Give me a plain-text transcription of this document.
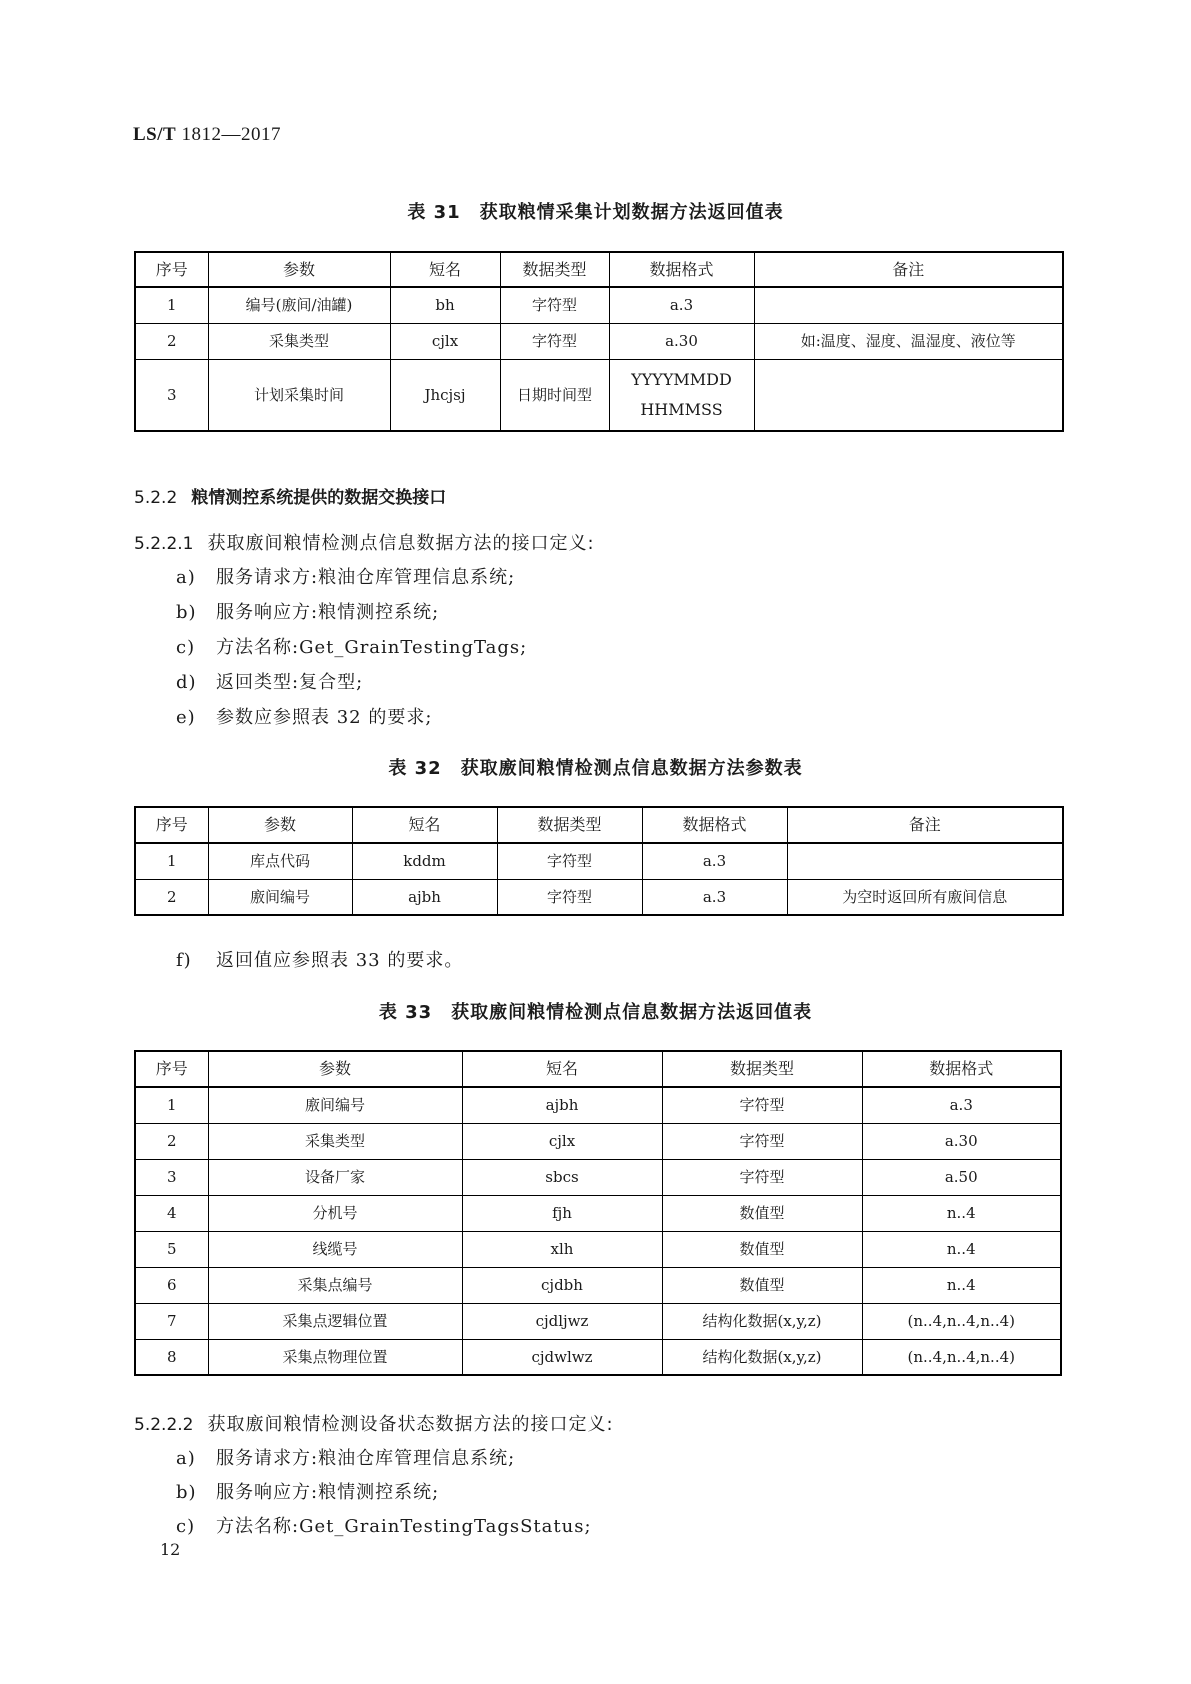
LS/T 1812—2017
表 31　获取粮情采集计划数据方法返回值表
序号	参数	短名	数据类型	数据格式	备注
1	编号(廒间/油罐)	bh	字符型	a.3	
2	采集类型	cjlx	字符型	a.30	如:温度、湿度、温湿度、液位等
3	计划采集时间	Jhcjsj	日期时间型	YYYYMMDD
HHMMSS	
5.2.2 粮情测控系统提供的数据交换接口
5.2.2.1 获取廒间粮情检测点信息数据方法的接口定义:
a) 服务请求方:粮油仓库管理信息系统;
b) 服务响应方:粮情测控系统;
c) 方法名称:Get_GrainTestingTags;
d) 返回类型:复合型;
e) 参数应参照表 32 的要求;
表 32　获取廒间粮情检测点信息数据方法参数表
序号	参数	短名	数据类型	数据格式	备注
1	库点代码	kddm	字符型	a.3	
2	廒间编号	ajbh	字符型	a.3	为空时返回所有廒间信息
f) 返回值应参照表 33 的要求。
表 33　获取廒间粮情检测点信息数据方法返回值表
序号	参数	短名	数据类型	数据格式
1	廒间编号	ajbh	字符型	a.3
2	采集类型	cjlx	字符型	a.30
3	设备厂家	sbcs	字符型	a.50
4	分机号	fjh	数值型	n..4
5	线缆号	xlh	数值型	n..4
6	采集点编号	cjdbh	数值型	n..4
7	采集点逻辑位置	cjdljwz	结构化数据(x,y,z)	(n..4,n..4,n..4)
8	采集点物理位置	cjdwlwz	结构化数据(x,y,z)	(n..4,n..4,n..4)
5.2.2.2 获取廒间粮情检测设备状态数据方法的接口定义:
a) 服务请求方:粮油仓库管理信息系统;
b) 服务响应方:粮情测控系统;
c) 方法名称:Get_GrainTestingTagsStatus;
12
